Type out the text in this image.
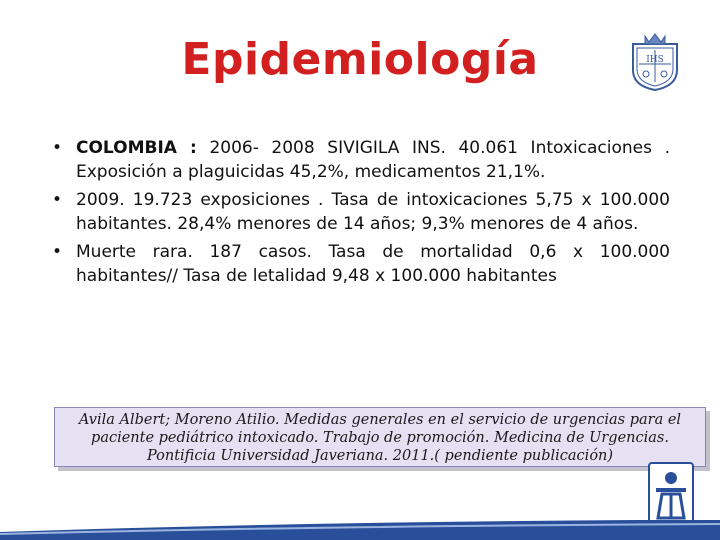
Epidemiología	IHS
• COLOMBIA : 2006- 2008 SIVIGILA INS. 40.061 Intoxicaciones . Exposición a plaguicidas 45,2%, medicamentos 21,1%.
• 2009. 19.723 exposiciones . Tasa de intoxicaciones 5,75 x 100.000 habitantes. 28,4% menores de 14 años; 9,3% menores de 4 años.
• Muerte rara. 187 casos. Tasa de mortalidad 0,6 x 100.000 habitantes// Tasa de letalidad 9,48 x 100.000 habitantes
Avila Albert; Moreno Atilio. Medidas generales en el servicio de urgencias para el paciente pediátrico intoxicado. Trabajo de promoción. Medicina de Urgencias. Pontificia Universidad Javeriana. 2011.( pendiente publicación)
